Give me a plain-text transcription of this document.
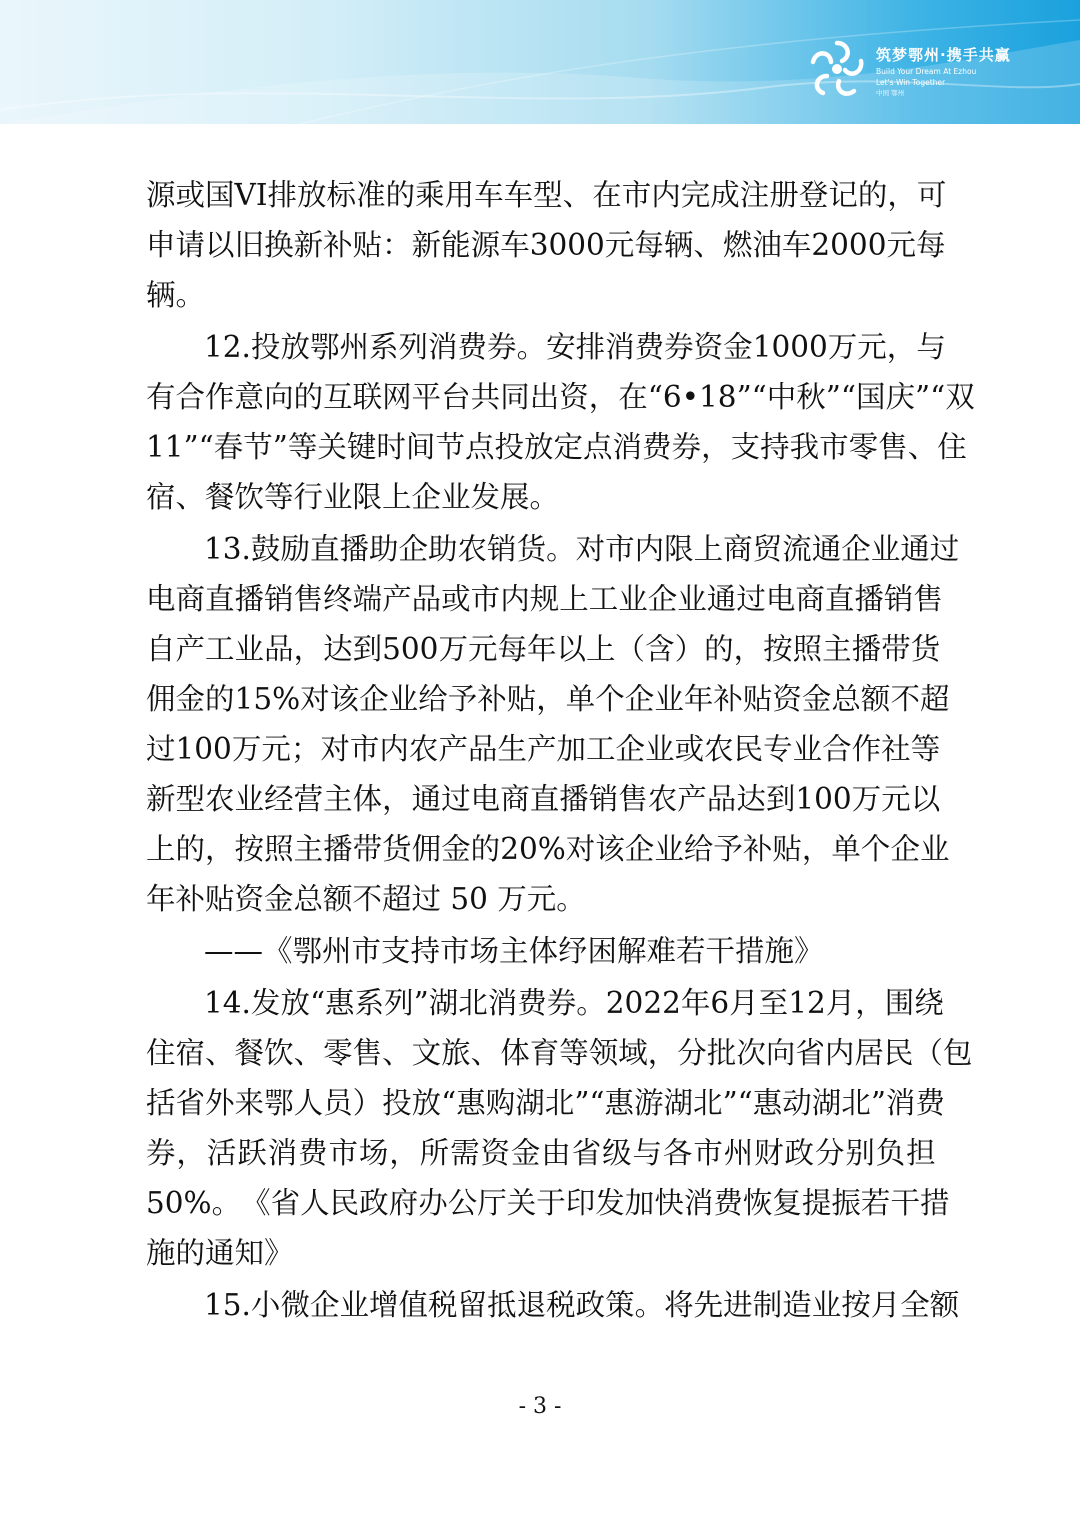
筑梦鄂州·携手共赢
Build Your Dream At Ezhou
Let's Win Together
中国 鄂州
源 或 国 VI 排 放 标 准 的 乘 用 车 车 型 、 在 市 内 完 成 注 册 登 记 的 ， 可
申 请 以 旧 换 新 补 贴 ： 新 能 源 车 3000 元 每 辆 、 燃 油 车 2000 元 每
辆。
12. 投 放 鄂 州 系 列 消 费 券 。 安 排 消 费 券 资 金 1000 万 元 ， 与
有 合 作 意 向 的 互 联 网 平 台 共 同 出 资 ， 在 “ 6•18 ” “ 中 秋 ” “ 国 庆 ” “ 双
11 ” “ 春 节 ” 等 关 键 时 间 节 点 投 放 定 点 消 费 券 ， 支 持 我 市 零 售 、 住
宿、餐饮等行业限上企业发展。
13. 鼓 励 直 播 助 企 助 农 销 货 。 对 市 内 限 上 商 贸 流 通 企 业 通 过
电 商 直 播 销 售 终 端 产 品 或 市 内 规 上 工 业 企 业 通 过 电 商 直 播 销 售
自 产 工 业 品 ， 达 到 500 万 元 每 年 以 上 （ 含 ） 的 ， 按 照 主 播 带 货
佣 金 的 15% 对 该 企 业 给 予 补 贴 ， 单 个 企 业 年 补 贴 资 金 总 额 不 超
过 100 万 元 ； 对 市 内 农 产 品 生 产 加 工 企 业 或 农 民 专 业 合 作 社 等
新 型 农 业 经 营 主 体 ， 通 过 电 商 直 播 销 售 农 产 品 达 到 100 万 元 以
上 的 ， 按 照 主 播 带 货 佣 金 的 20% 对 该 企 业 给 予 补 贴 ， 单 个 企 业
年补贴资金总额不超过 50 万元。
——《鄂州市支持市场主体纾困解难若干措施》
14. 发 放 “ 惠 系 列 ” 湖 北 消 费 券 。 2022 年 6 月 至 12 月 ， 围 绕
住 宿 、 餐 饮 、 零 售 、 文 旅 、 体 育 等 领 域 ， 分 批 次 向 省 内 居 民 （ 包
括 省 外 来 鄂 人 员 ） 投 放 “ 惠 购 湖 北 ” “ 惠 游 湖 北 ” “ 惠 动 湖 北 ” 消 费
券 ， 活 跃 消 费 市 场 ， 所 需 资 金 由 省 级 与 各 市 州 财 政 分 别 负 担
50% 。 《 省 人 民 政 府 办 公 厅 关 于 印 发 加 快 消 费 恢 复 提 振 若 干 措
施的通知》
15. 小 微 企 业 增 值 税 留 抵 退 税 政 策 。 将 先 进 制 造 业 按 月 全 额
- 3 -
